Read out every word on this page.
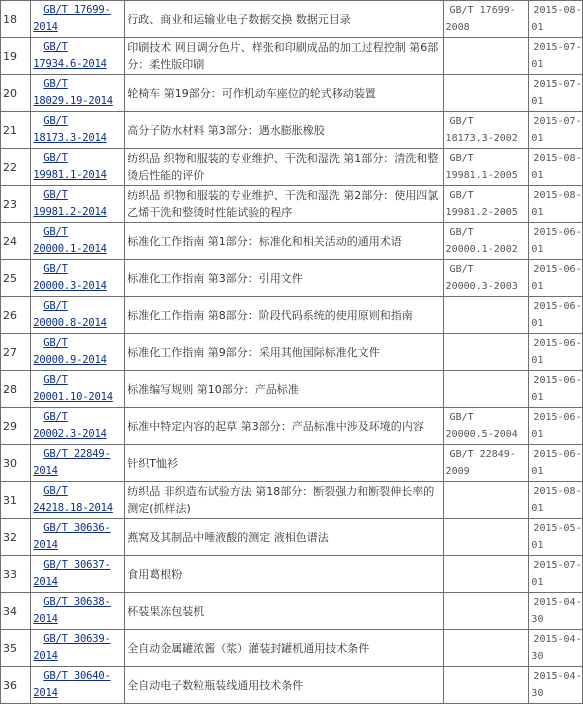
18	GB/T 17699-
2014	行政、商业和运输业电子数据交换 数据元目录	GB/T 17699-
2008	2015-08-
01

19	GB/T
17934.6-2014	印刷技术 网目调分色片、样张和印刷成品的加工过程控制 第6部分：柔性版印刷		2015-07-
01

20	GB/T
18029.19-2014	轮椅车 第19部分：可作机动车座位的轮式移动装置		2015-07-
01

21	GB/T
18173.3-2014	高分子防水材料 第3部分：遇水膨胀橡胶	GB/T
18173.3-2002	2015-07-
01

22	GB/T
19981.1-2014	纺织品 织物和服装的专业维护、干洗和湿洗 第1部分：清洗和整烫后性能的评价	GB/T
19981.1-2005	2015-08-
01

23	GB/T
19981.2-2014	纺织品 织物和服装的专业维护、干洗和湿洗 第2部分：使用四氯乙烯干洗和整烫时性能试验的程序	GB/T
19981.2-2005	2015-08-
01

24	GB/T
20000.1-2014	标准化工作指南 第1部分：标准化和相关活动的通用术语	GB/T
20000.1-2002	2015-06-
01

25	GB/T
20000.3-2014	标准化工作指南 第3部分：引用文件	GB/T
20000.3-2003	2015-06-
01

26	GB/T
20000.8-2014	标准化工作指南 第8部分：阶段代码系统的使用原则和指南		2015-06-
01

27	GB/T
20000.9-2014	标准化工作指南 第9部分：采用其他国际标准化文件		2015-06-
01

28	GB/T
20001.10-2014	标准编写规则 第10部分：产品标准		2015-06-
01

29	GB/T
20002.3-2014	标准中特定内容的起草 第3部分：产品标准中涉及环境的内容	GB/T
20000.5-2004	2015-06-
01

30	GB/T 22849-
2014	针织T恤衫	GB/T 22849-
2009	2015-06-
01

31	GB/T
24218.18-2014	纺织品 非织造布试验方法 第18部分：断裂强力和断裂伸长率的测定(抓样法)		2015-08-
01

32	GB/T 30636-
2014	燕窝及其制品中唾液酸的测定 液相色谱法		2015-05-
01

33	GB/T 30637-
2014	食用葛根粉		2015-07-
01

34	GB/T 30638-
2014	杯装果冻包装机		2015-04-
30

35	GB/T 30639-
2014	全自动金属罐浓酱（浆）灌装封罐机通用技术条件		2015-04-
30

36	GB/T 30640-
2014	全自动电子数粒瓶装线通用技术条件		2015-04-
30
